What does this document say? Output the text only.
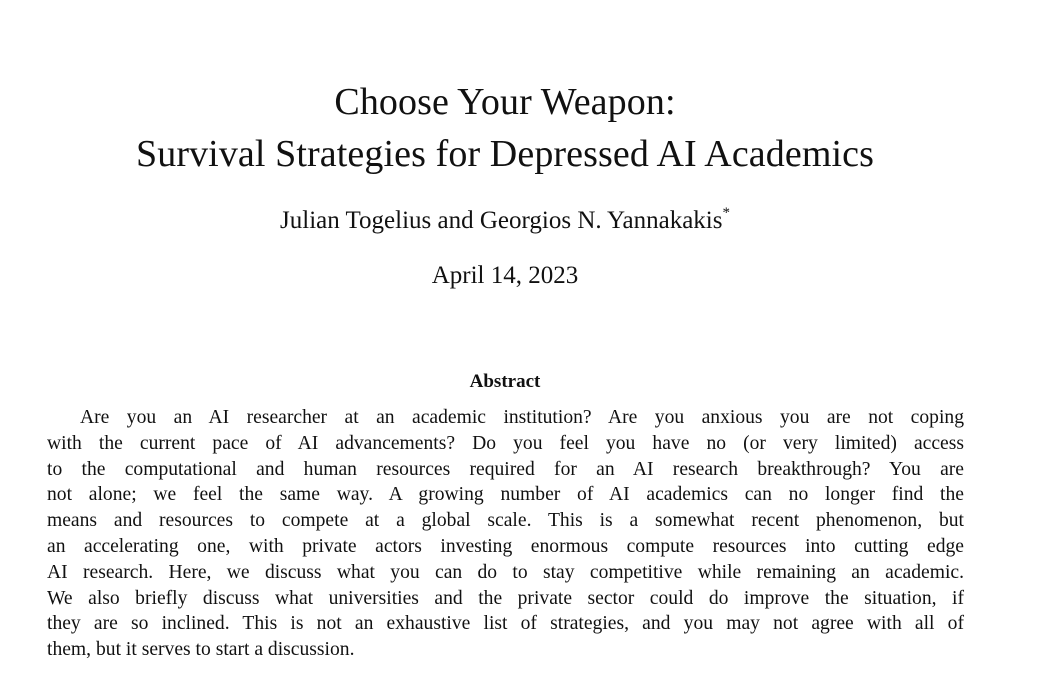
Choose Your Weapon:
Survival Strategies for Depressed AI Academics
Julian Togelius and Georgios N. Yannakakis*
April 14, 2023
Abstract
Are you an AI researcher at an academic institution? Are you anxious you are not coping
with the current pace of AI advancements? Do you feel you have no (or very limited) access
to the computational and human resources required for an AI research breakthrough? You are
not alone; we feel the same way. A growing number of AI academics can no longer find the
means and resources to compete at a global scale. This is a somewhat recent phenomenon, but
an accelerating one, with private actors investing enormous compute resources into cutting edge
AI research. Here, we discuss what you can do to stay competitive while remaining an academic.
We also briefly discuss what universities and the private sector could do improve the situation, if
they are so inclined. This is not an exhaustive list of strategies, and you may not agree with all of
them, but it serves to start a discussion.
